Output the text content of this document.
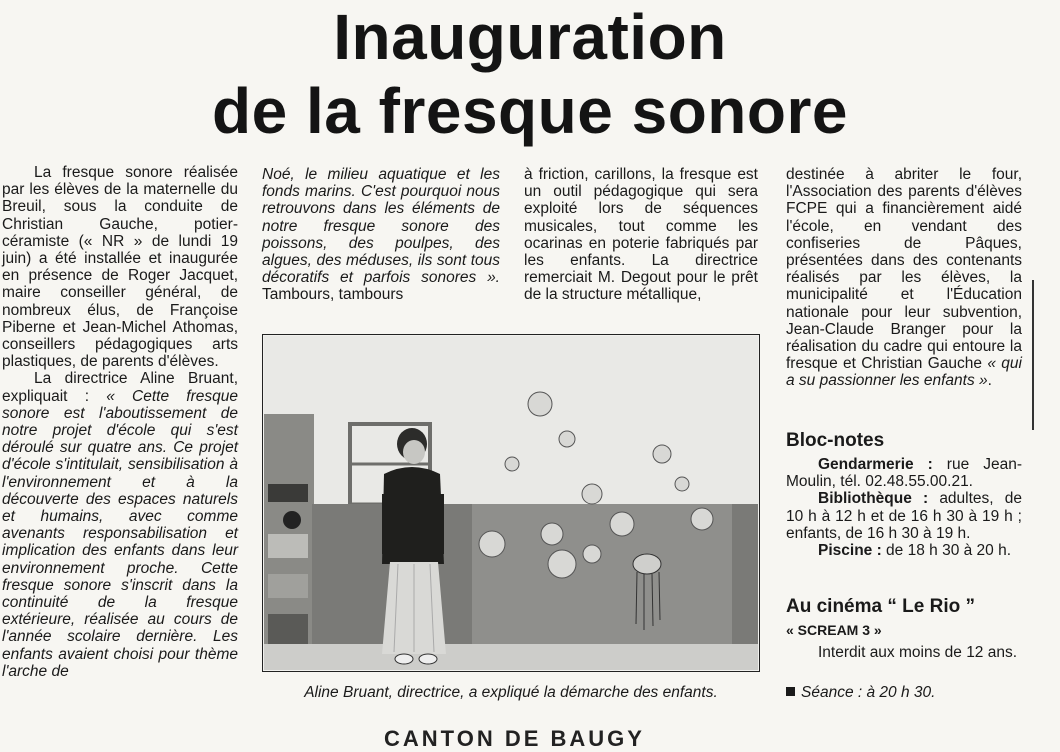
Inauguration
de la fresque sonore

La fresque sonore réalisée par les élèves de la maternelle du Breuil, sous la conduite de Christian Gauche, potier-céramiste (« NR » de lundi 19 juin) a été installée et inaugurée en présence de Roger Jacquet, maire conseiller général, de nombreux élus, de Françoise Piberne et Jean-Michel Athomas, conseillers pédagogiques arts plastiques, de parents d'élèves.

La directrice Aline Bruant, expliquait : « Cette fresque sonore est l'aboutissement de notre projet d'école qui s'est déroulé sur quatre ans. Ce projet d'école s'intitulait, sensibilisation à l'environnement et à la découverte des espaces naturels et humains, avec comme avenants responsabilisation et implication des enfants dans leur environnement proche. Cette fresque sonore s'inscrit dans la continuité de la fresque extérieure, réalisée au cours de l'année scolaire dernière. Les enfants avaient choisi pour thème l'arche de

Noé, le milieu aquatique et les fonds marins. C'est pourquoi nous retrouvons dans les éléments de notre fresque sonore des poissons, des poulpes, des algues, des méduses, ils sont tous décoratifs et parfois sonores ». Tambours, tambours

à friction, carillons, la fresque est un outil pédagogique qui sera exploité lors de séquences musicales, tout comme les ocarinas en poterie fabriqués par les enfants. La directrice remerciait M. Degout pour le prêt de la structure métallique,

destinée à abriter le four, l'Association des parents d'élèves FCPE qui a financièrement aidé l'école, en vendant des confiseries de Pâques, présentées dans des contenants réalisés par les élèves, la municipalité et l'Éducation nationale pour leur subvention, Jean-Claude Branger pour la réalisation du cadre qui entoure la fresque et Christian Gauche « qui a su passionner les enfants ».

Aline Bruant, directrice, a expliqué la démarche des enfants.
Bloc-notes

Gendarmerie : rue Jean-Moulin, tél. 02.48.55.00.21.

Bibliothèque : adultes, de 10 h à 12 h et de 16 h 30 à 19 h ; enfants, de 16 h 30 à 19 h.

Piscine : de 18 h 30 à 20 h.

Au cinéma “ Le Rio ”
« SCREAM 3 »
Interdit aux moins de 12 ans.
Séance : à 20 h 30.
CANTON DE BAUGY
